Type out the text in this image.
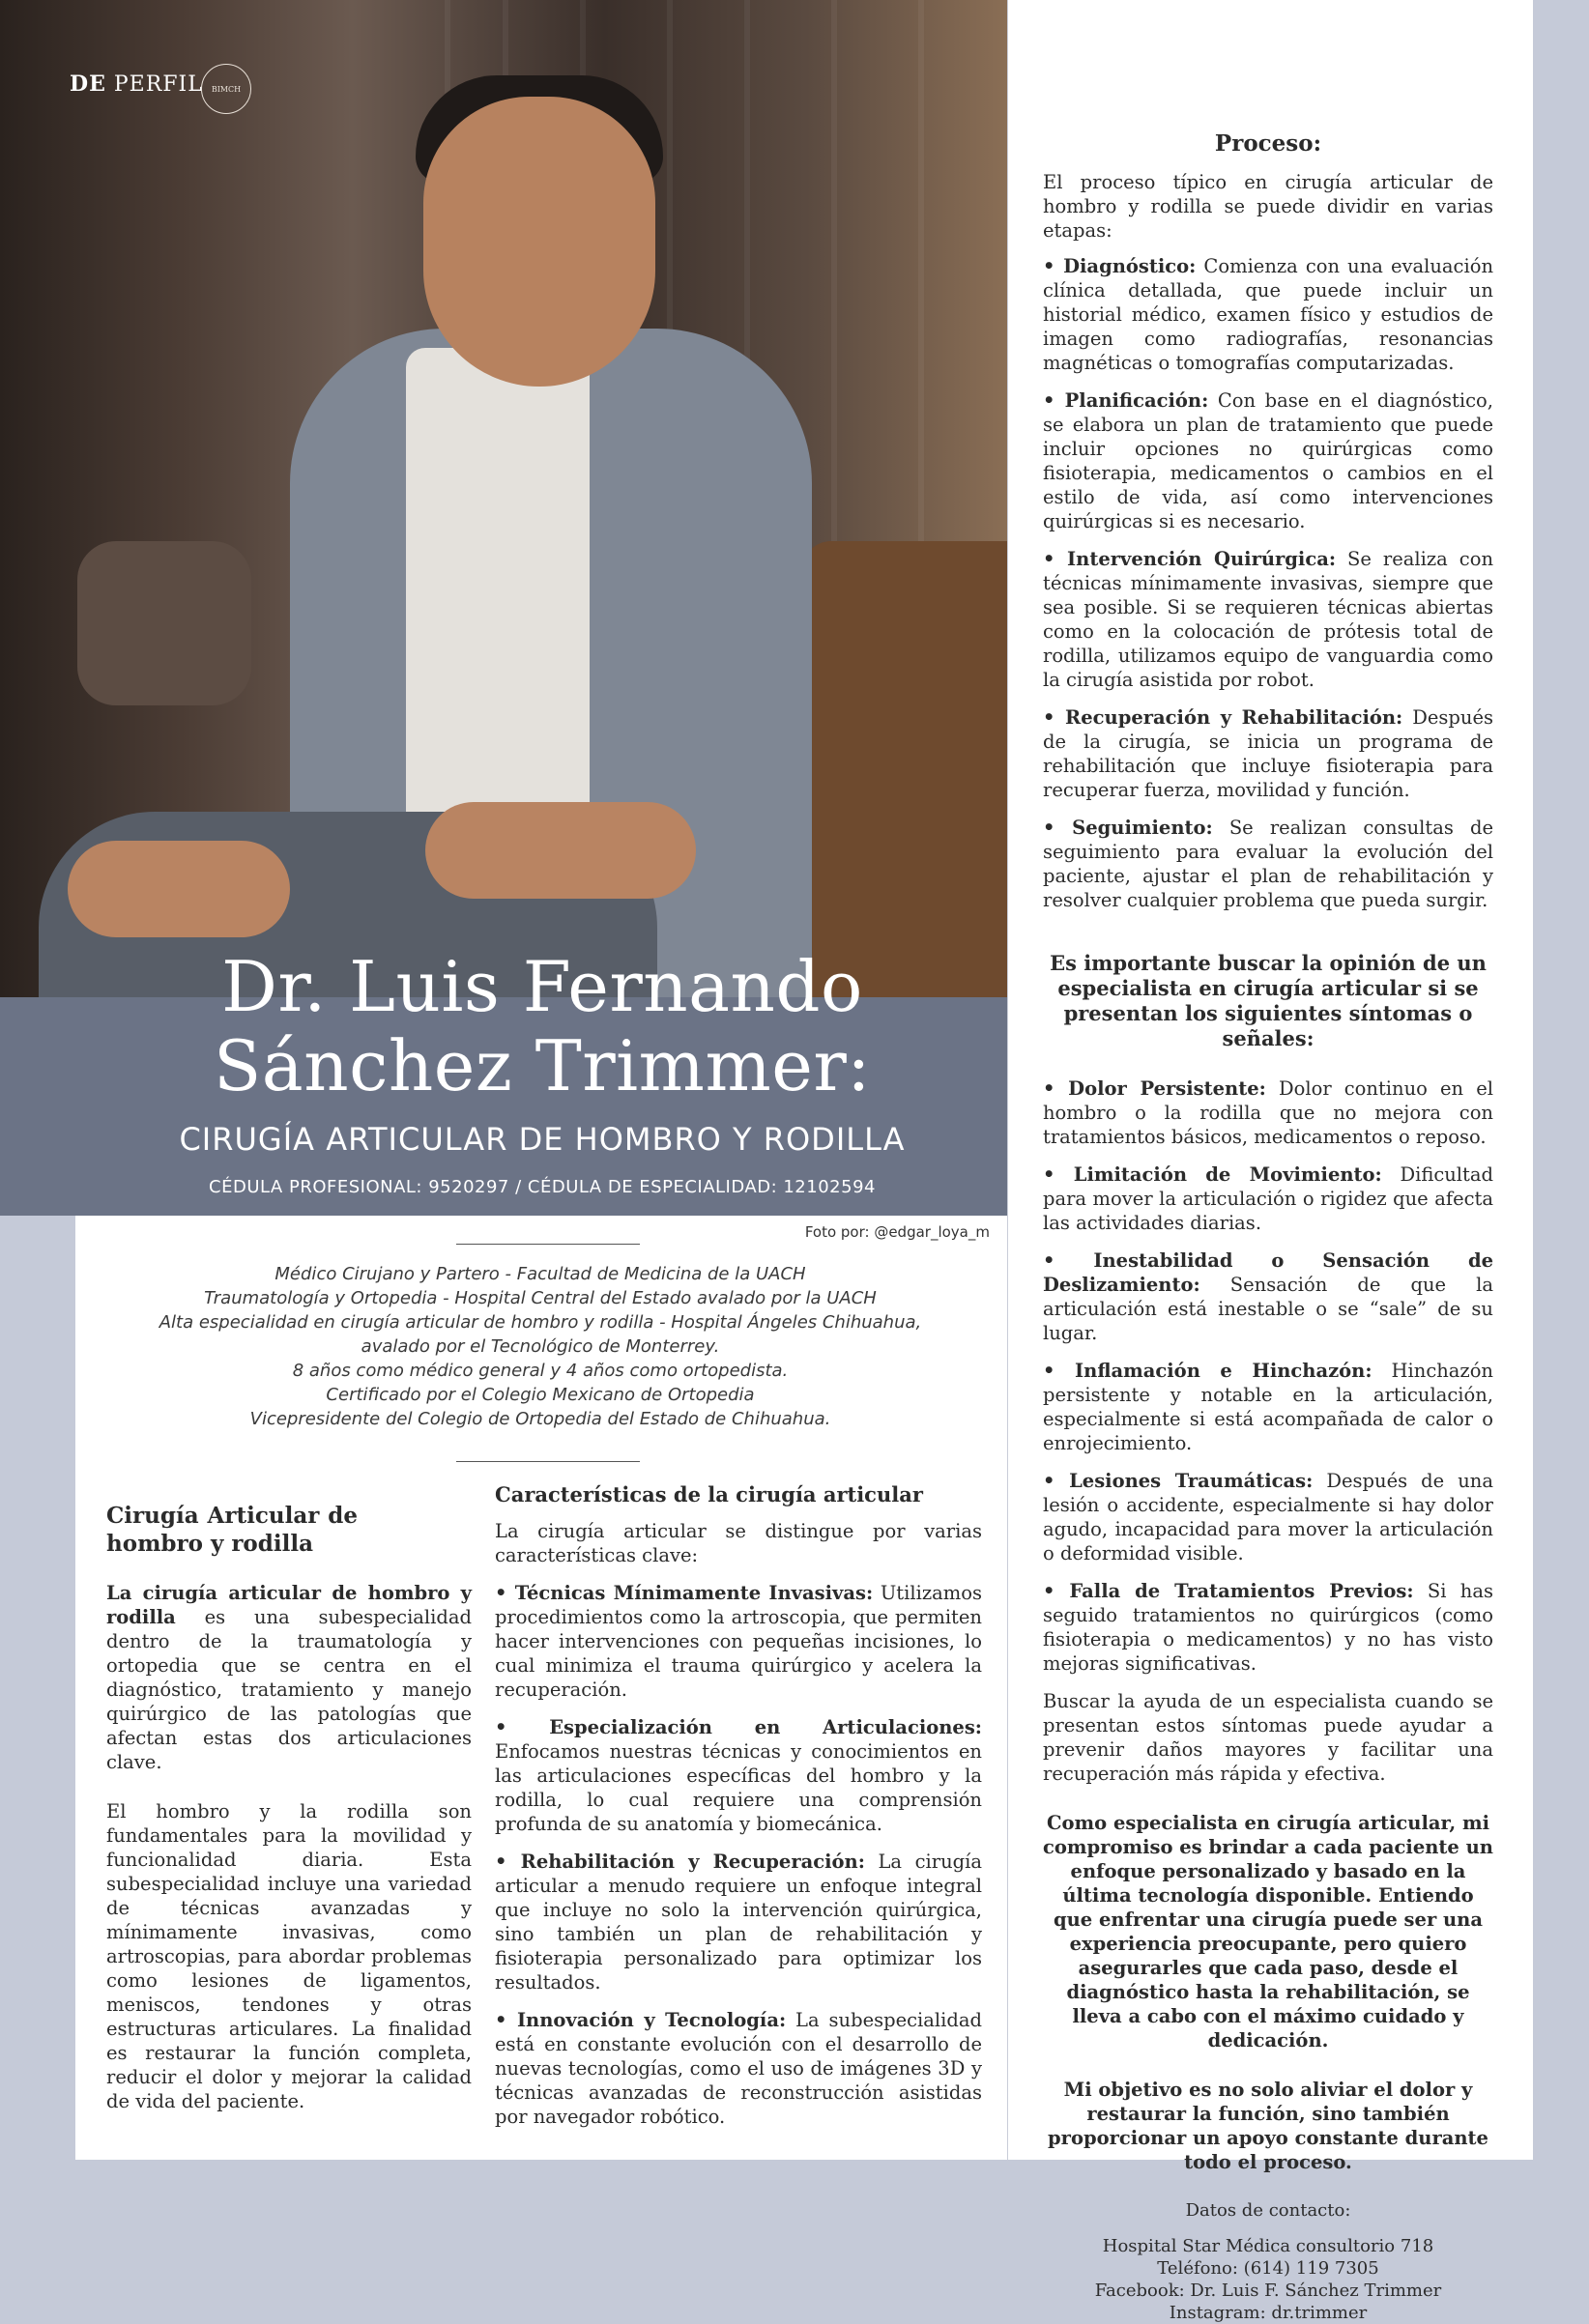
DE PERFIL BIMCH
Dr. Luis Fernando
Sánchez Trimmer:
CIRUGÍA ARTICULAR DE HOMBRO Y RODILLA
CÉDULA PROFESIONAL: 9520297 / CÉDULA DE ESPECIALIDAD: 12102594
Foto por: @edgar_loya_m
Médico Cirujano y Partero - Facultad de Medicina de la UACH
Traumatología y Ortopedia - Hospital Central del Estado avalado por la UACH
Alta especialidad en cirugía articular de hombro y rodilla - Hospital Ángeles Chihuahua,
avalado por el Tecnológico de Monterrey.
8 años como médico general y 4 años como ortopedista.
Certificado por el Colegio Mexicano de Ortopedia
Vicepresidente del Colegio de Ortopedia del Estado de Chihuahua.
Cirugía Articular de hombro y rodilla

La cirugía articular de hombro y rodilla es una subespecialidad dentro de la traumatología y ortopedia que se centra en el diagnóstico, tratamiento y manejo quirúrgico de las patologías que afectan estas dos articulaciones clave.

El hombro y la rodilla son fundamentales para la movilidad y funcionalidad diaria. Esta subespecialidad incluye una variedad de técnicas avanzadas y mínimamente invasivas, como artroscopias, para abordar problemas como lesiones de ligamentos, meniscos, tendones y otras estructuras articulares. La finalidad es restaurar la función completa, reducir el dolor y mejorar la calidad de vida del paciente.

Características de la cirugía articular

La cirugía articular se distingue por varias características clave:

• Técnicas Mínimamente Invasivas: Utilizamos procedimientos como la artroscopia, que permiten hacer intervenciones con pequeñas incisiones, lo cual minimiza el trauma quirúrgico y acelera la recuperación.
• Especialización en Articulaciones: Enfocamos nuestras técnicas y conocimientos en las articulaciones específicas del hombro y la rodilla, lo cual requiere una comprensión profunda de su anatomía y biomecánica.
• Rehabilitación y Recuperación: La cirugía articular a menudo requiere un enfoque integral que incluye no solo la intervención quirúrgica, sino también un plan de rehabilitación y fisioterapia personalizado para optimizar los resultados.
• Innovación y Tecnología: La subespecialidad está en constante evolución con el desarrollo de nuevas tecnologías, como el uso de imágenes 3D y técnicas avanzadas de reconstrucción asistidas por navegador robótico.
Proceso:

El proceso típico en cirugía articular de hombro y rodilla se puede dividir en varias etapas:

• Diagnóstico: Comienza con una evaluación clínica detallada, que puede incluir un historial médico, examen físico y estudios de imagen como radiografías, resonancias magnéticas o tomografías computarizadas.
• Planificación: Con base en el diagnóstico, se elabora un plan de tratamiento que puede incluir opciones no quirúrgicas como fisioterapia, medicamentos o cambios en el estilo de vida, así como intervenciones quirúrgicas si es necesario.
• Intervención Quirúrgica: Se realiza con técnicas mínimamente invasivas, siempre que sea posible. Si se requieren técnicas abiertas como en la colocación de prótesis total de rodilla, utilizamos equipo de vanguardia como la cirugía asistida por robot.
• Recuperación y Rehabilitación: Después de la cirugía, se inicia un programa de rehabilitación que incluye fisioterapia para recuperar fuerza, movilidad y función.
• Seguimiento: Se realizan consultas de seguimiento para evaluar la evolución del paciente, ajustar el plan de rehabilitación y resolver cualquier problema que pueda surgir.
Es importante buscar la opinión de un especialista en cirugía articular si se presentan los siguientes síntomas o señales:
• Dolor Persistente: Dolor continuo en el hombro o la rodilla que no mejora con tratamientos básicos, medicamentos o reposo.
• Limitación de Movimiento: Dificultad para mover la articulación o rigidez que afecta las actividades diarias.
• Inestabilidad o Sensación de Deslizamiento: Sensación de que la articulación está inestable o se “sale” de su lugar.
• Inflamación e Hinchazón: Hinchazón persistente y notable en la articulación, especialmente si está acompañada de calor o enrojecimiento.
• Lesiones Traumáticas: Después de una lesión o accidente, especialmente si hay dolor agudo, incapacidad para mover la articulación o deformidad visible.
• Falla de Tratamientos Previos: Si has seguido tratamientos no quirúrgicos (como fisioterapia o medicamentos) y no has visto mejoras significativas.

Buscar la ayuda de un especialista cuando se presentan estos síntomas puede ayudar a prevenir daños mayores y facilitar una recuperación más rápida y efectiva.

Como especialista en cirugía articular, mi compromiso es brindar a cada paciente un enfoque personalizado y basado en la última tecnología disponible. Entiendo que enfrentar una cirugía puede ser una experiencia preocupante, pero quiero asegurarles que cada paso, desde el diagnóstico hasta la rehabilitación, se lleva a cabo con el máximo cuidado y dedicación.
Mi objetivo es no solo aliviar el dolor y restaurar la función, sino también proporcionar un apoyo constante durante todo el proceso.
Datos de contacto:
Hospital Star Médica consultorio 718
Teléfono: (614) 119 7305
Facebook: Dr. Luis F. Sánchez Trimmer
Instagram: dr.trimmer
